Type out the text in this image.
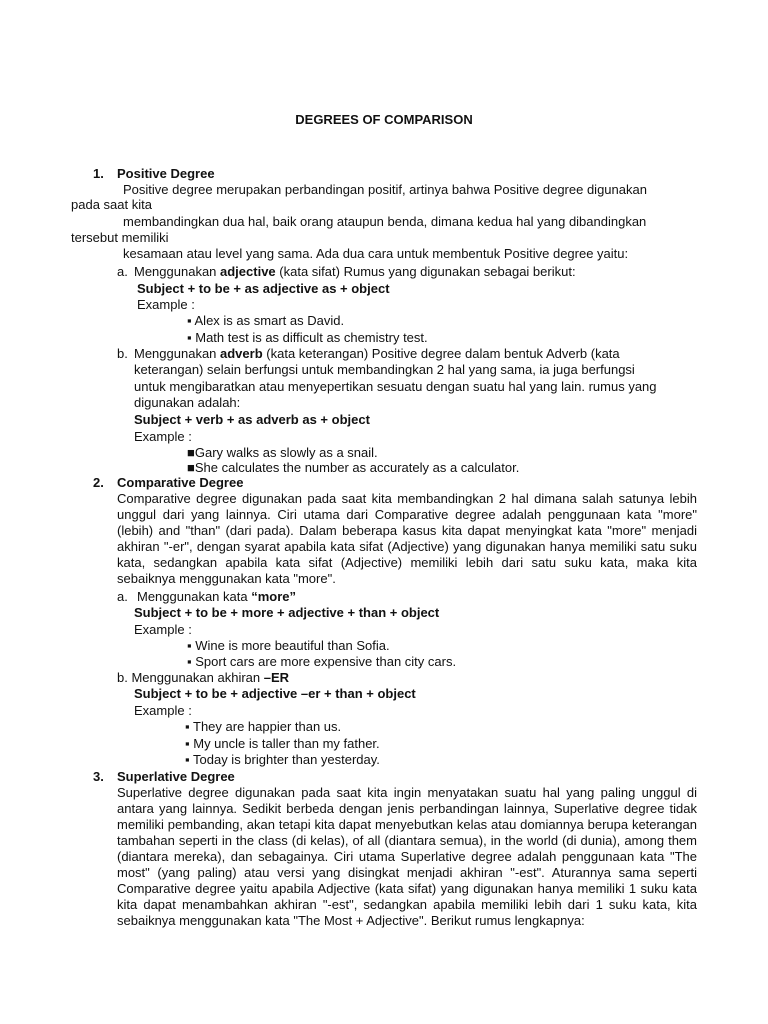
DEGREES OF COMPARISON
1. Positive Degree
Positive degree merupakan perbandingan positif, artinya bahwa Positive degree digunakan
pada saat kita
membandingkan dua hal, baik orang ataupun benda, dimana kedua hal yang dibandingkan
tersebut memiliki
kesamaan atau level yang sama. Ada dua cara untuk membentuk Positive degree yaitu:
a. Menggunakan adjective (kata sifat) Rumus yang digunakan sebagai berikut:
Subject + to be + as adjective as + object
Example :
▪ Alex is as smart as David.
▪ Math test is as difficult as chemistry test.
b. Menggunakan adverb (kata keterangan) Positive degree dalam bentuk Adverb (kata
keterangan) selain berfungsi untuk membandingkan 2 hal yang sama, ia juga berfungsi
untuk mengibaratkan atau menyepertikan sesuatu dengan suatu hal yang lain. rumus yang
digunakan adalah:
Subject + verb + as adverb as + object
Example :
■Gary walks as slowly as a snail.
■She calculates the number as accurately as a calculator.
2. Comparative Degree
Comparative degree digunakan pada saat kita membandingkan 2 hal dimana salah satunya lebih unggul dari yang lainnya. Ciri utama dari Comparative degree adalah penggunaan kata "more" (lebih) and "than" (dari pada). Dalam beberapa kasus kita dapat menyingkat kata "more" menjadi akhiran "-er", dengan syarat apabila kata sifat (Adjective) yang digunakan hanya memiliki satu suku kata, sedangkan apabila kata sifat (Adjective) memiliki lebih dari satu suku kata, maka kita sebaiknya menggunakan kata "more".
a. Menggunakan kata “more”
Subject + to be + more + adjective + than + object
Example :
▪ Wine is more beautiful than Sofia.
▪ Sport cars are more expensive than city cars.
b. Menggunakan akhiran –ER
Subject + to be + adjective –er + than + object
Example :
▪ They are happier than us.
▪ My uncle is taller than my father.
▪ Today is brighter than yesterday.
3. Superlative Degree
Superlative degree digunakan pada saat kita ingin menyatakan suatu hal yang paling unggul di antara yang lainnya. Sedikit berbeda dengan jenis perbandingan lainnya, Superlative degree tidak memiliki pembanding, akan tetapi kita dapat menyebutkan kelas atau domiannya berupa keterangan tambahan seperti in the class (di kelas), of all (diantara semua), in the world (di dunia), among them (diantara mereka), dan sebagainya. Ciri utama Superlative degree adalah penggunaan kata "The most" (yang paling) atau versi yang disingkat menjadi akhiran "-est". Aturannya sama seperti Comparative degree yaitu apabila Adjective (kata sifat) yang digunakan hanya memiliki 1 suku kata kita dapat menambahkan akhiran "-est", sedangkan apabila memiliki lebih dari 1 suku kata, kita sebaiknya menggunakan kata "The Most + Adjective". Berikut rumus lengkapnya:
